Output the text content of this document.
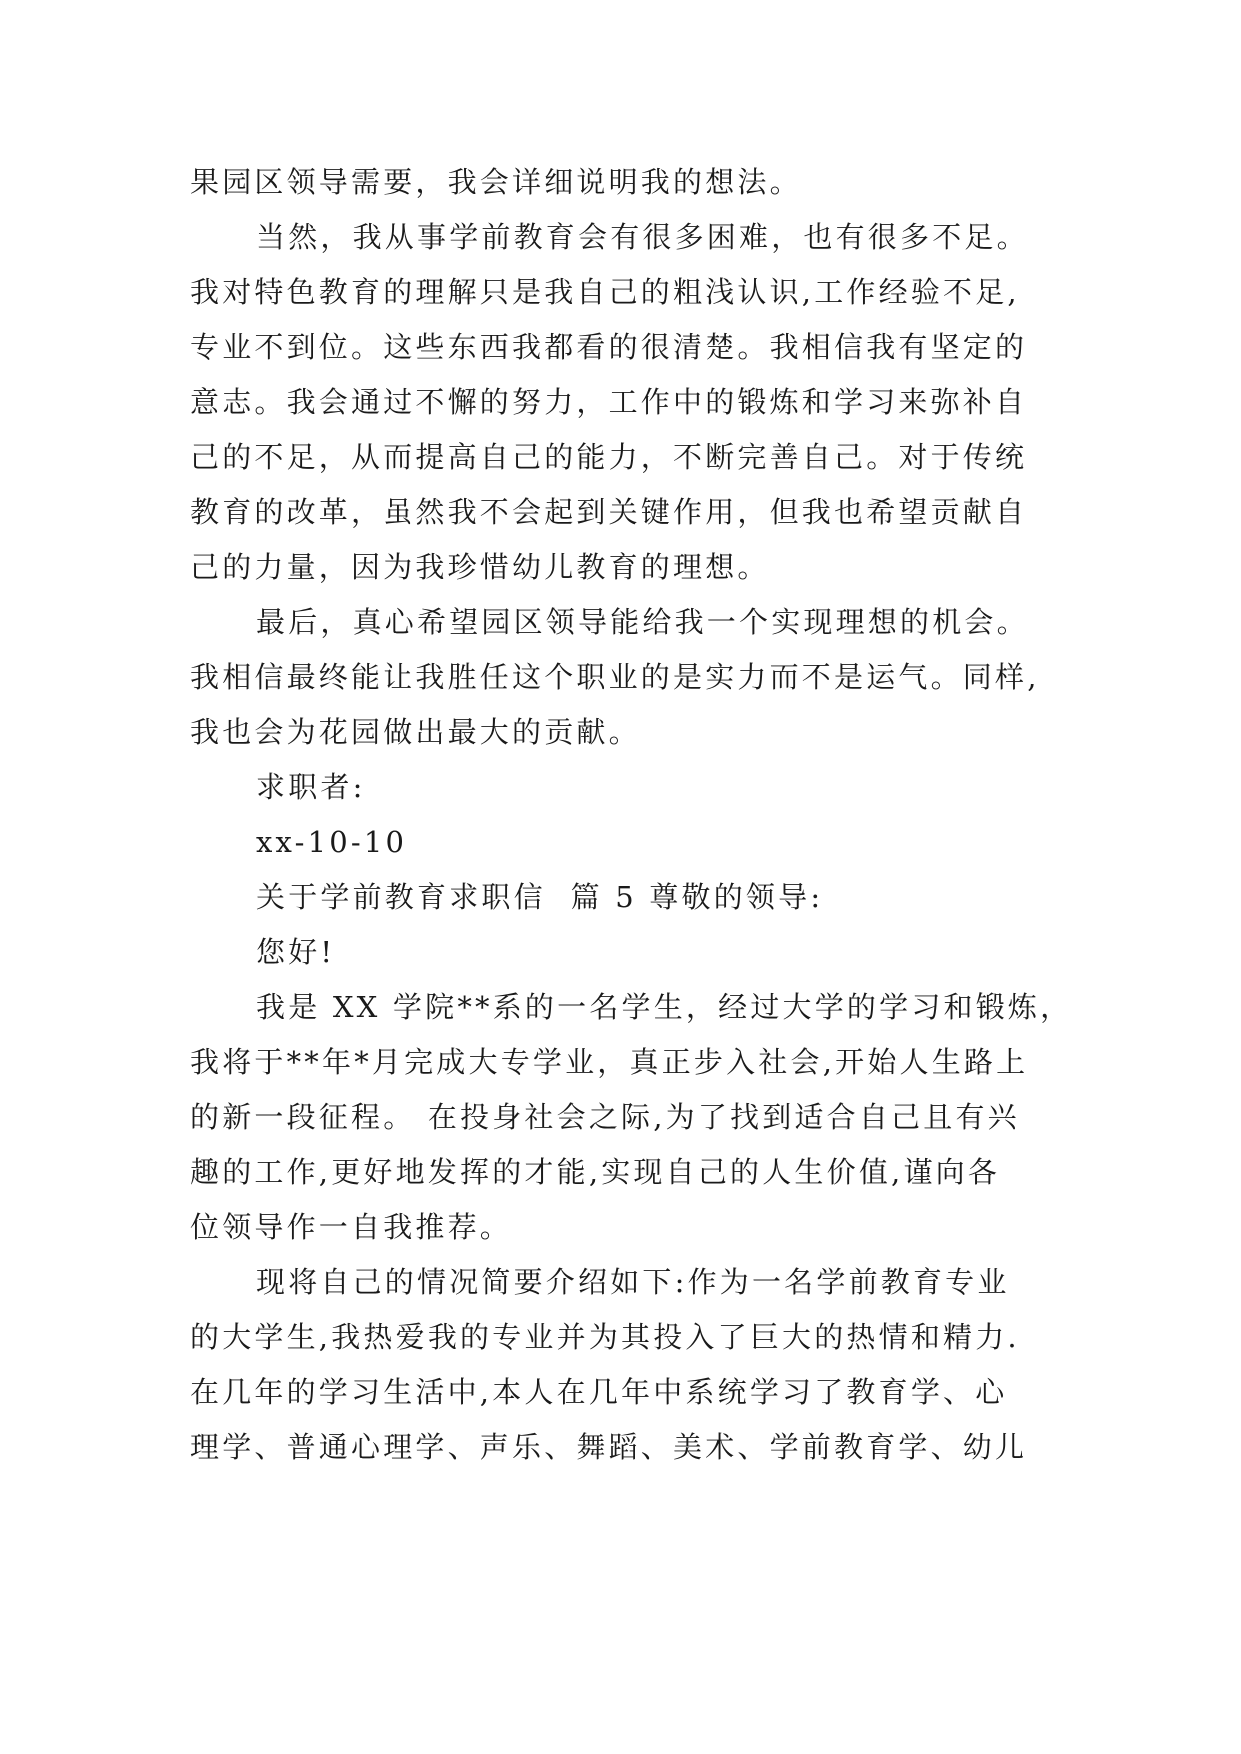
果园区领导需要，我会详细说明我的想法。
当然，我从事学前教育会有很多困难，也有很多不足。
我对特色教育的理解只是我自己的粗浅认识,工作经验不足,
专业不到位。这些东西我都看的很清楚。我相信我有坚定的
意志。我会通过不懈的努力，工作中的锻炼和学习来弥补自
己的不足，从而提高自己的能力，不断完善自己。对于传统
教育的改革，虽然我不会起到关键作用，但我也希望贡献自
己的力量，因为我珍惜幼儿教育的理想。
最后，真心希望园区领导能给我一个实现理想的机会。
我相信最终能让我胜任这个职业的是实力而不是运气。同样,
我也会为花园做出最大的贡献。
求职者:
xx-10-10
关于学前教育求职信  篇 5 尊敬的领导:
您好!
我是 XX 学院**系的一名学生，经过大学的学习和锻炼，
我将于**年*月完成大专学业，真正步入社会,开始人生路上
的新一段征程。 在投身社会之际,为了找到适合自己且有兴
趣的工作,更好地发挥的才能,实现自己的人生价值,谨向各
位领导作一自我推荐。
现将自己的情况简要介绍如下:作为一名学前教育专业
的大学生,我热爱我的专业并为其投入了巨大的热情和精力.
在几年的学习生活中,本人在几年中系统学习了教育学、心
理学、普通心理学、声乐、舞蹈、美术、学前教育学、幼儿
